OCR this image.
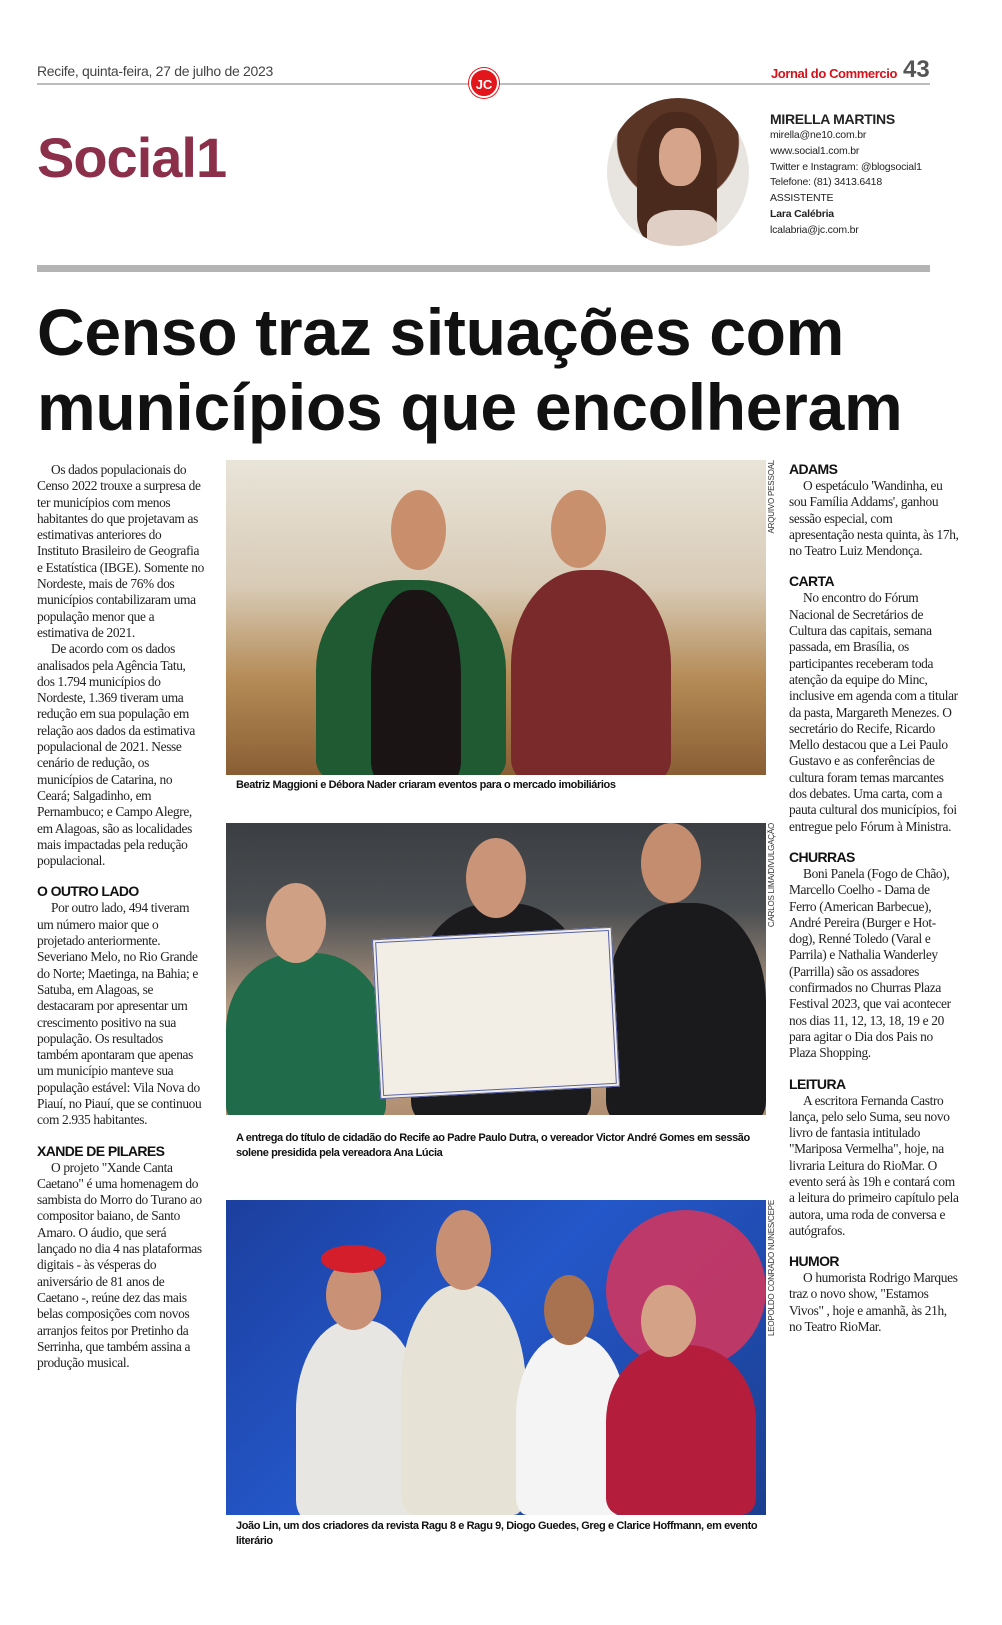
Recife, quinta-feira, 27 de julho de 2023
JC
Jornal do Commercio 43
Social1
MIRELLA MARTINS
mirella@ne10.com.br
www.social1.com.br
Twitter e Instagram: @blogsocial1
Telefone: (81) 3413.6418
ASSISTENTE
Lara Calébria
lcalabria@jc.com.br
Censo traz situações com municípios que encolheram

Os dados populacionais do Censo 2022 trouxe a surpresa de ter municípios com menos habitantes do que projetavam as estimativas anteriores do Instituto Brasileiro de Geografia e Estatística (IBGE). Somente no Nordeste, mais de 76% dos municípios contabilizaram uma população menor que a estimativa de 2021.

De acordo com os dados analisados pela Agência Tatu, dos 1.794 municípios do Nordeste, 1.369 tiveram uma redução em sua população em relação aos dados da estimativa populacional de 2021. Nesse cenário de redução, os municípios de Catarina, no Ceará; Salgadinho, em Pernambuco; e Campo Alegre, em Alagoas, são as localidades mais impactadas pela redução populacional.

O OUTRO LADO

Por outro lado, 494 tiveram um número maior que o projetado anteriormente. Severiano Melo, no Rio Grande do Norte; Maetinga, na Bahia; e Satuba, em Alagoas, se destacaram por apresentar um crescimento positivo na sua população. Os resultados também apontaram que apenas um município manteve sua população estável: Vila Nova do Piauí, no Piauí, que se continuou com 2.935 habitantes.

XANDE DE PILARES

O projeto "Xande Canta Caetano" é uma homenagem do sambista do Morro do Turano ao compositor baiano, de Santo Amaro. O áudio, que será lançado no dia 4 nas plataformas digitais - às vésperas do aniversário de 81 anos de Caetano -, reúne dez das mais belas composições com novos arranjos feitos por Pretinho da Serrinha, que também assina a produção musical.

ARQUIVO PESSOAL
Beatriz Maggioni e Débora Nader criaram eventos para o mercado imobiliários
CARLOS LIMA/DIVULGAÇÃO
A entrega do título de cidadão do Recife ao Padre Paulo Dutra, o vereador Victor André Gomes em sessão solene presidida pela vereadora Ana Lúcia
LEOPOLDO CONRADO NUNES/CEPE
João Lin, um dos criadores da revista Ragu 8 e Ragu 9, Diogo Guedes, Greg e Clarice Hoffmann, em evento literário
ADAMS

O espetáculo 'Wandinha, eu sou Família Addams', ganhou sessão especial, com apresentação nesta quinta, às 17h, no Teatro Luiz Mendonça.

CARTA

No encontro do Fórum Nacional de Secretários de Cultura das capitais, semana passada, em Brasília, os participantes receberam toda atenção da equipe do Minc, inclusive em agenda com a titular da pasta, Margareth Menezes. O secretário do Recife, Ricardo Mello destacou que a Lei Paulo Gustavo e as conferências de cultura foram temas marcantes dos debates. Uma carta, com a pauta cultural dos municípios, foi entregue pelo Fórum à Ministra.

CHURRAS

Boni Panela (Fogo de Chão), Marcello Coelho - Dama de Ferro (American Barbecue), André Pereira (Burger e Hot-dog), Renné Toledo (Varal e Parrila) e Nathalia Wanderley (Parrilla) são os assadores confirmados no Churras Plaza Festival 2023, que vai acontecer nos dias 11, 12, 13, 18, 19 e 20 para agitar o Dia dos Pais no Plaza Shopping.

LEITURA

A escritora Fernanda Castro lança, pelo selo Suma, seu novo livro de fantasia intitulado "Mariposa Vermelha", hoje, na livraria Leitura do RioMar. O evento será às 19h e contará com a leitura do primeiro capítulo pela autora, uma roda de conversa e autógrafos.

HUMOR

O humorista Rodrigo Marques traz o novo show, "Estamos Vivos" , hoje e amanhã, às 21h, no Teatro RioMar.
